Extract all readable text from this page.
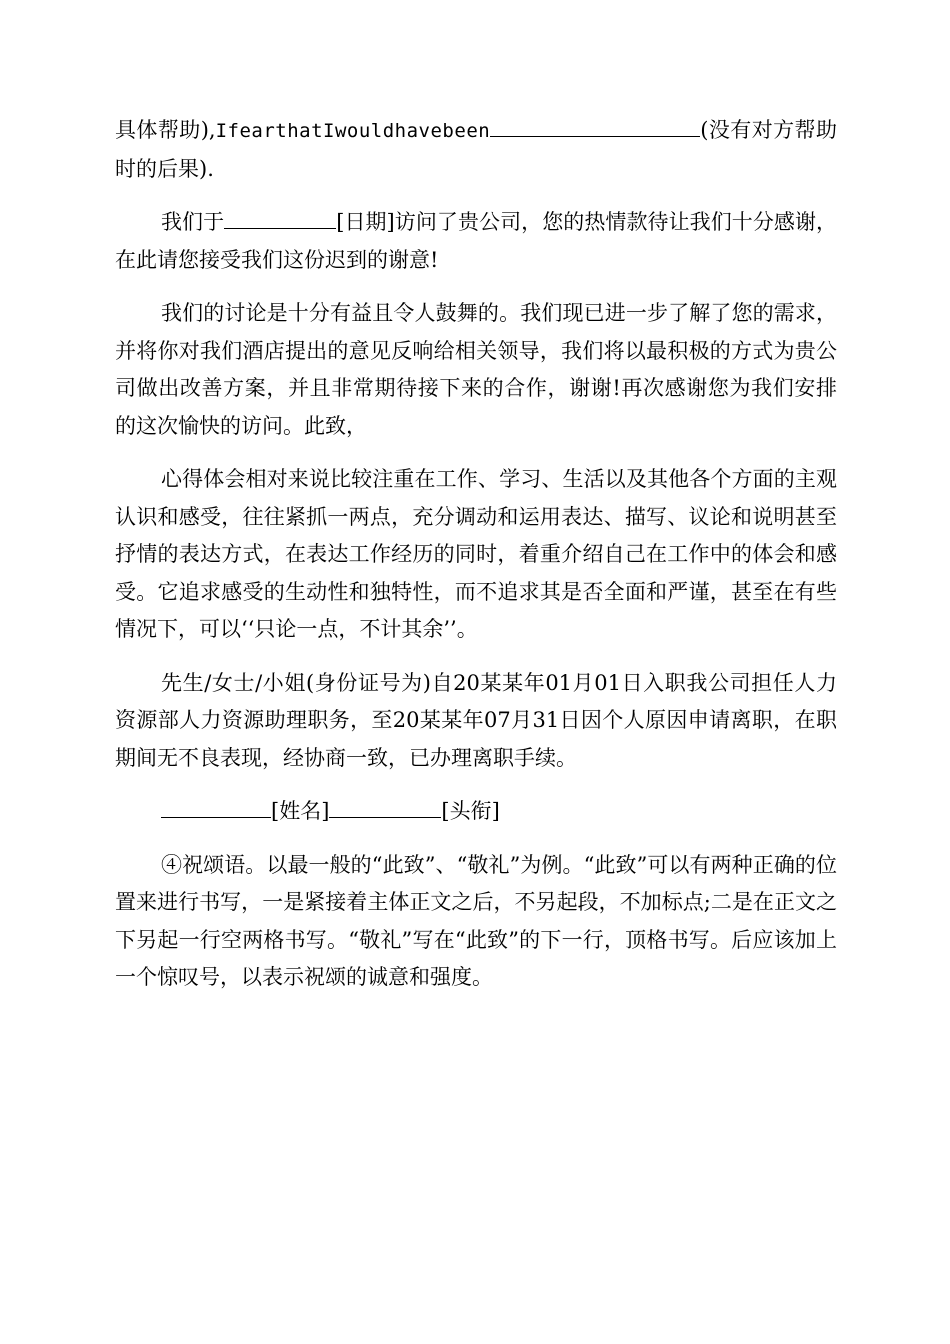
具体帮助),IfearthatIwouldhavebeen	(没有对方帮助时的后果).

我们于	[日期]访问了贵公司，您的热情款待让我们十分感谢，在此请您接受我们这份迟到的谢意!

我们的讨论是十分有益且令人鼓舞的。我们现已进一步了解了您的需求，并将你对我们酒店提出的意见反响给相关领导，我们将以最积极的方式为贵公司做出改善方案，并且非常期待接下来的合作，谢谢!再次感谢您为我们安排的这次愉快的访问。此致，

心得体会相对来说比较注重在工作、学习、生活以及其他各个方面的主观认识和感受，往往紧抓一两点，充分调动和运用表达、描写、议论和说明甚至抒情的表达方式，在表达工作经历的同时，着重介绍自己在工作中的体会和感受。它追求感受的生动性和独特性，而不追求其是否全面和严谨，甚至在有些情况下，可以‘‘只论一点，不计其余’’。

先生/女士/小姐(身份证号为)自20某某年01月01日入职我公司担任人力资源部人力资源助理职务，至20某某年07月31日因个人原因申请离职，在职期间无不良表现，经协商一致，已办理离职手续。

[姓名]	[头衔]

④祝颂语。以最一般的“此致”、“敬礼”为例。“此致”可以有两种正确的位置来进行书写，一是紧接着主体正文之后，不另起段，不加标点;二是在正文之下另起一行空两格书写。“敬礼”写在“此致”的下一行，顶格书写。后应该加上一个惊叹号，以表示祝颂的诚意和强度。
